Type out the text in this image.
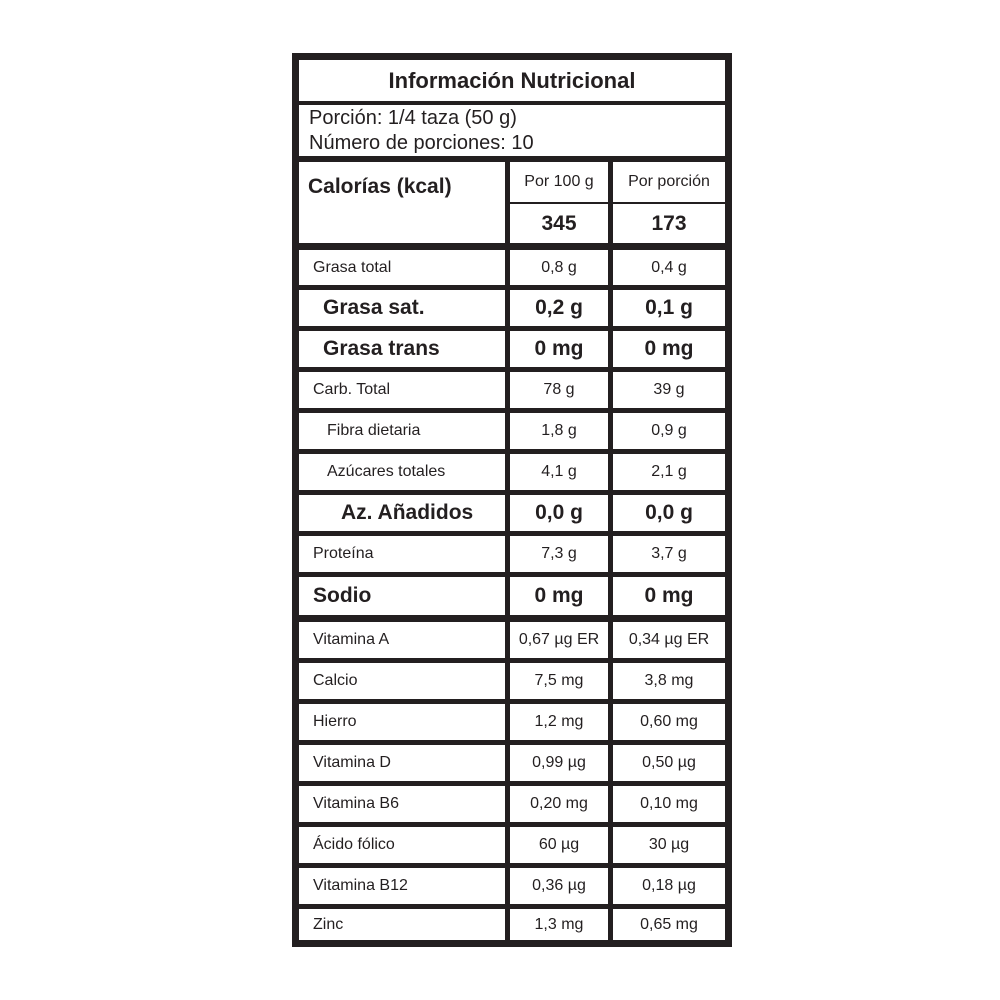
Información Nutricional
Porción: 1/4 taza (50 g)
Número de porciones: 10
Calorías (kcal)	Por 100 g	Por porción
345	173
Grasa total	0,8 g	0,4 g
Grasa sat.	0,2 g	0,1 g
Grasa trans	0 mg	0 mg
Carb. Total	78 g	39 g
Fibra dietaria	1,8 g	0,9 g
Azúcares totales	4,1 g	2,1 g
Az. Añadidos	0,0 g	0,0 g
Proteína	7,3 g	3,7 g
Sodio	0 mg	0 mg
Vitamina A	0,67 µg ER	0,34 µg ER
Calcio	7,5 mg	3,8 mg
Hierro	1,2 mg	0,60 mg
Vitamina D	0,99 µg	0,50 µg
Vitamina B6	0,20 mg	0,10 mg
Ácido fólico	60 µg	30 µg
Vitamina B12	0,36 µg	0,18 µg
Zinc	1,3 mg	0,65 mg
